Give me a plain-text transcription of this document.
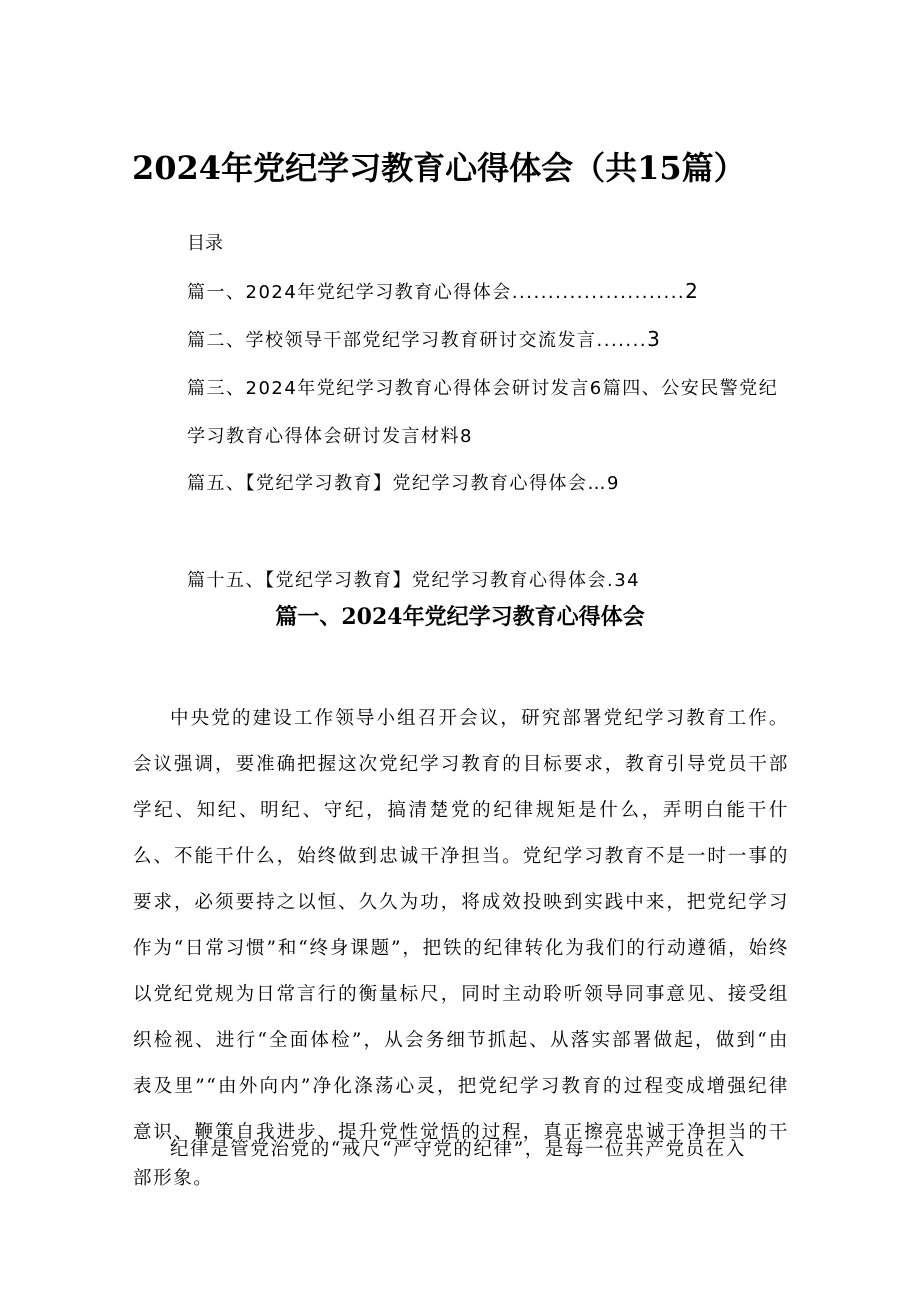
2024年党纪学习教育心得体会（共15篇）
目录
篇一、2024年党纪学习教育心得体会........................2
篇二、学校领导干部党纪学习教育研讨交流发言.......3
篇三、2024年党纪学习教育心得体会研讨发言6篇四、公安民警党纪
学习教育心得体会研讨发言材料8
篇五、【党纪学习教育】党纪学习教育心得体会…9
篇十五、【党纪学习教育】党纪学习教育心得体会.34
篇一、2024年党纪学习教育心得体会

中央党的建设工作领导小组召开会议，研究部署党纪学习教育工作。会议强调，要准确把握这次党纪学习教育的目标要求，教育引导党员干部学纪、知纪、明纪、守纪，搞清楚党的纪律规矩是什么，弄明白能干什么、不能干什么，始终做到忠诚干净担当。党纪学习教育不是一时一事的要求，必须要持之以恒、久久为功，将成效投映到实践中来，把党纪学习作为“日常习惯”和“终身课题”，把铁的纪律转化为我们的行动遵循，始终以党纪党规为日常言行的衡量标尺，同时主动聆听领导同事意见、接受组织检视、进行“全面体检”，从会务细节抓起、从落实部署做起，做到“由表及里”“由外向内”净化涤荡心灵，把党纪学习教育的过程变成增强纪律意识、鞭策自我进步、提升党性觉悟的过程，真正擦亮忠诚干净担当的干部形象。

纪律是管党治党的“戒尺“严守党的纪律”，是每一位共产党员在入
